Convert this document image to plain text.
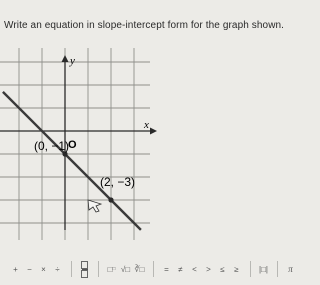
Write an equation in slope-intercept form for the graph shown.
y
x
O
(0, −1)
(2, −3)
+	−	×	÷	□ □ √□ ∛□	=	≠	<	>	≤	≥	|□|	π
